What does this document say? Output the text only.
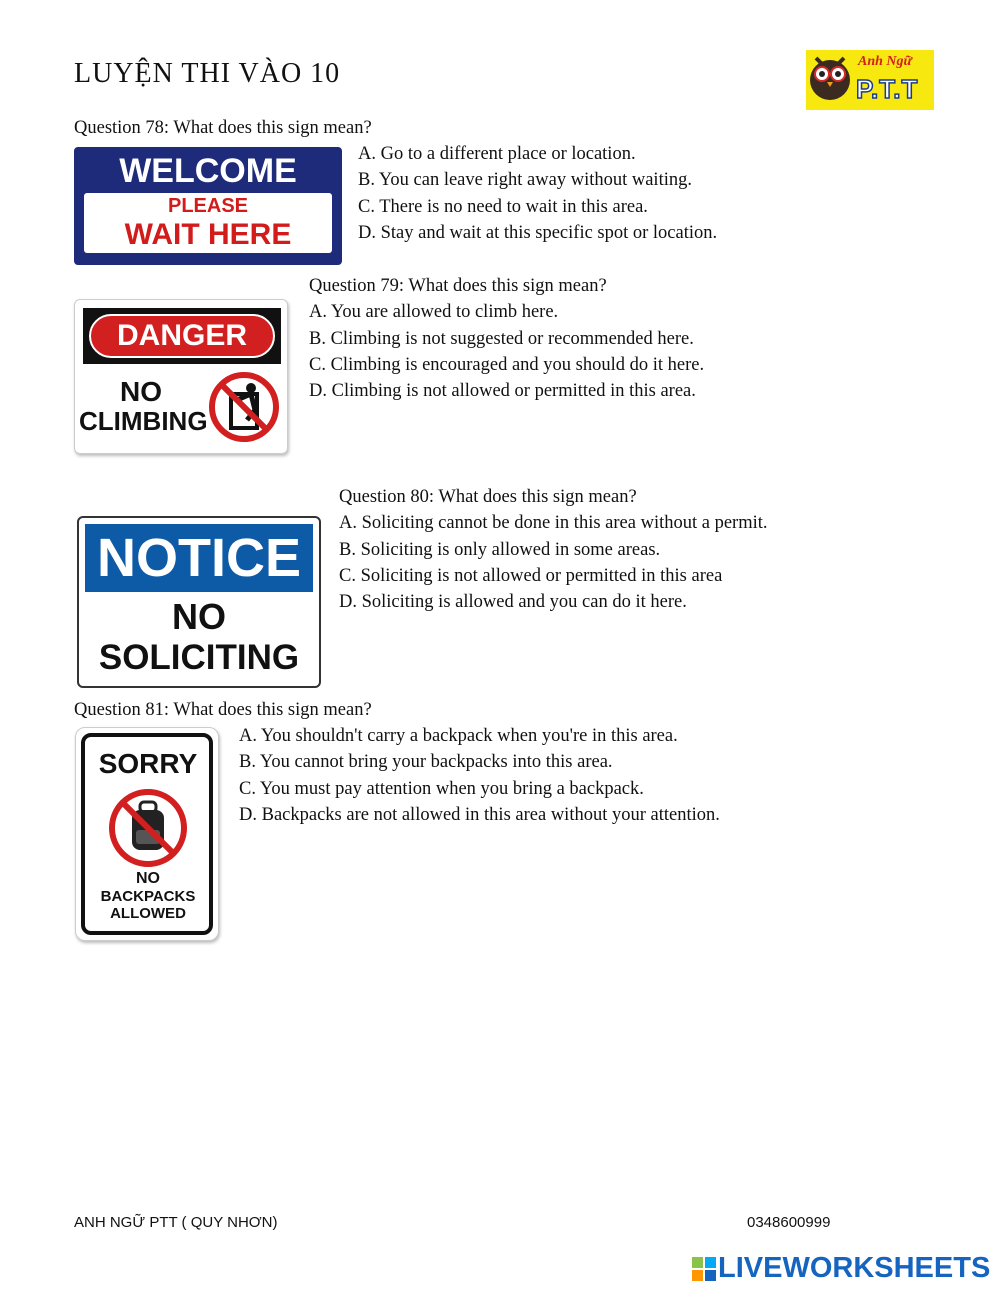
LUYỆN THI VÀO 10	Anh Ngữ
P.T.T
Question 78: What does this sign mean?
WELCOME
PLEASE
WAIT HERE
A. Go to a different place or location.
B. You can leave right away without waiting.
C. There is no need to wait in this area.
D. Stay and wait at this specific spot or location.
DANGER
NO
CLIMBING
Question 79: What does this sign mean?
A. You are allowed to climb here.
B. Climbing is not suggested or recommended here.
C. Climbing is encouraged and you should do it here.
D. Climbing is not allowed or permitted in this area.
NOTICE
NO
SOLICITING
Question 80: What does this sign mean?
A. Soliciting cannot be done in this area without a permit.
B. Soliciting is only allowed in some areas.
C. Soliciting is not allowed or permitted in this area
D. Soliciting is allowed and you can do it here.
Question 81: What does this sign mean?
SORRY
NO
BACKPACKS
ALLOWED
A. You shouldn't carry a backpack when you're in this area.
B. You cannot bring your backpacks into this area.
C. You must pay attention when you bring a backpack.
D. Backpacks are not allowed in this area without your attention.
ANH NGỮ PTT ( QUY NHƠN)	0348600999
LIVEWORKSHEETS
